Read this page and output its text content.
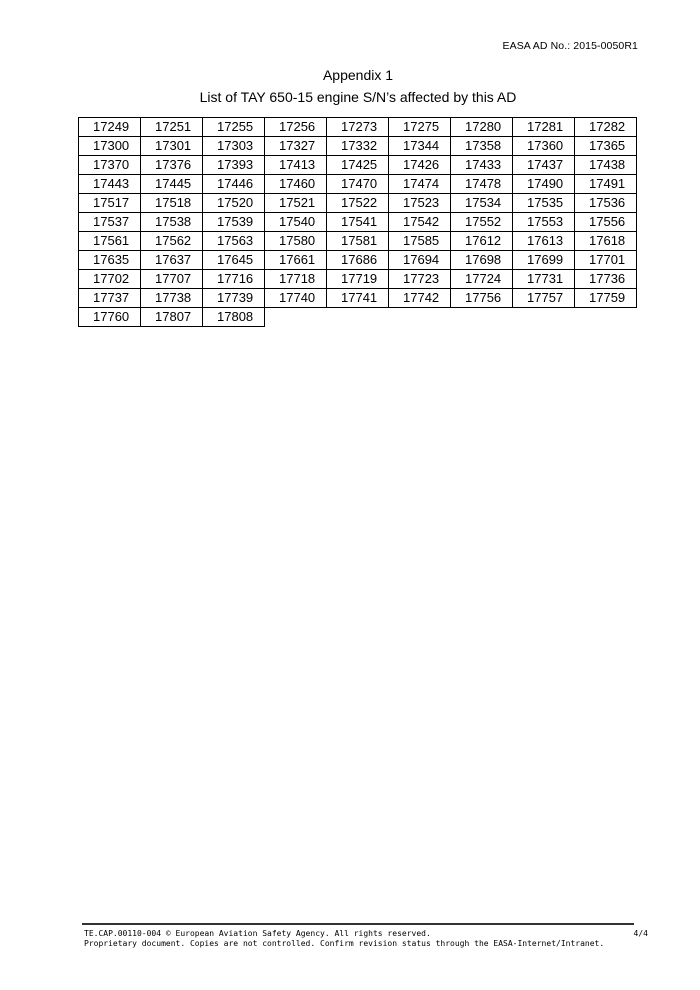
EASA AD No.: 2015-0050R1
Appendix 1
List of TAY 650-15 engine S/N’s affected by this AD
17249	17251	17255	17256	17273	17275	17280	17281	17282
17300	17301	17303	17327	17332	17344	17358	17360	17365
17370	17376	17393	17413	17425	17426	17433	17437	17438
17443	17445	17446	17460	17470	17474	17478	17490	17491
17517	17518	17520	17521	17522	17523	17534	17535	17536
17537	17538	17539	17540	17541	17542	17552	17553	17556
17561	17562	17563	17580	17581	17585	17612	17613	17618
17635	17637	17645	17661	17686	17694	17698	17699	17701
17702	17707	17716	17718	17719	17723	17724	17731	17736
17737	17738	17739	17740	17741	17742	17756	17757	17759
17760	17807	17808						
TE.CAP.00110-004 © European Aviation Safety Agency. All rights reserved.
Proprietary document. Copies are not controlled. Confirm revision status through the EASA-Internet/Intranet.
4/4
